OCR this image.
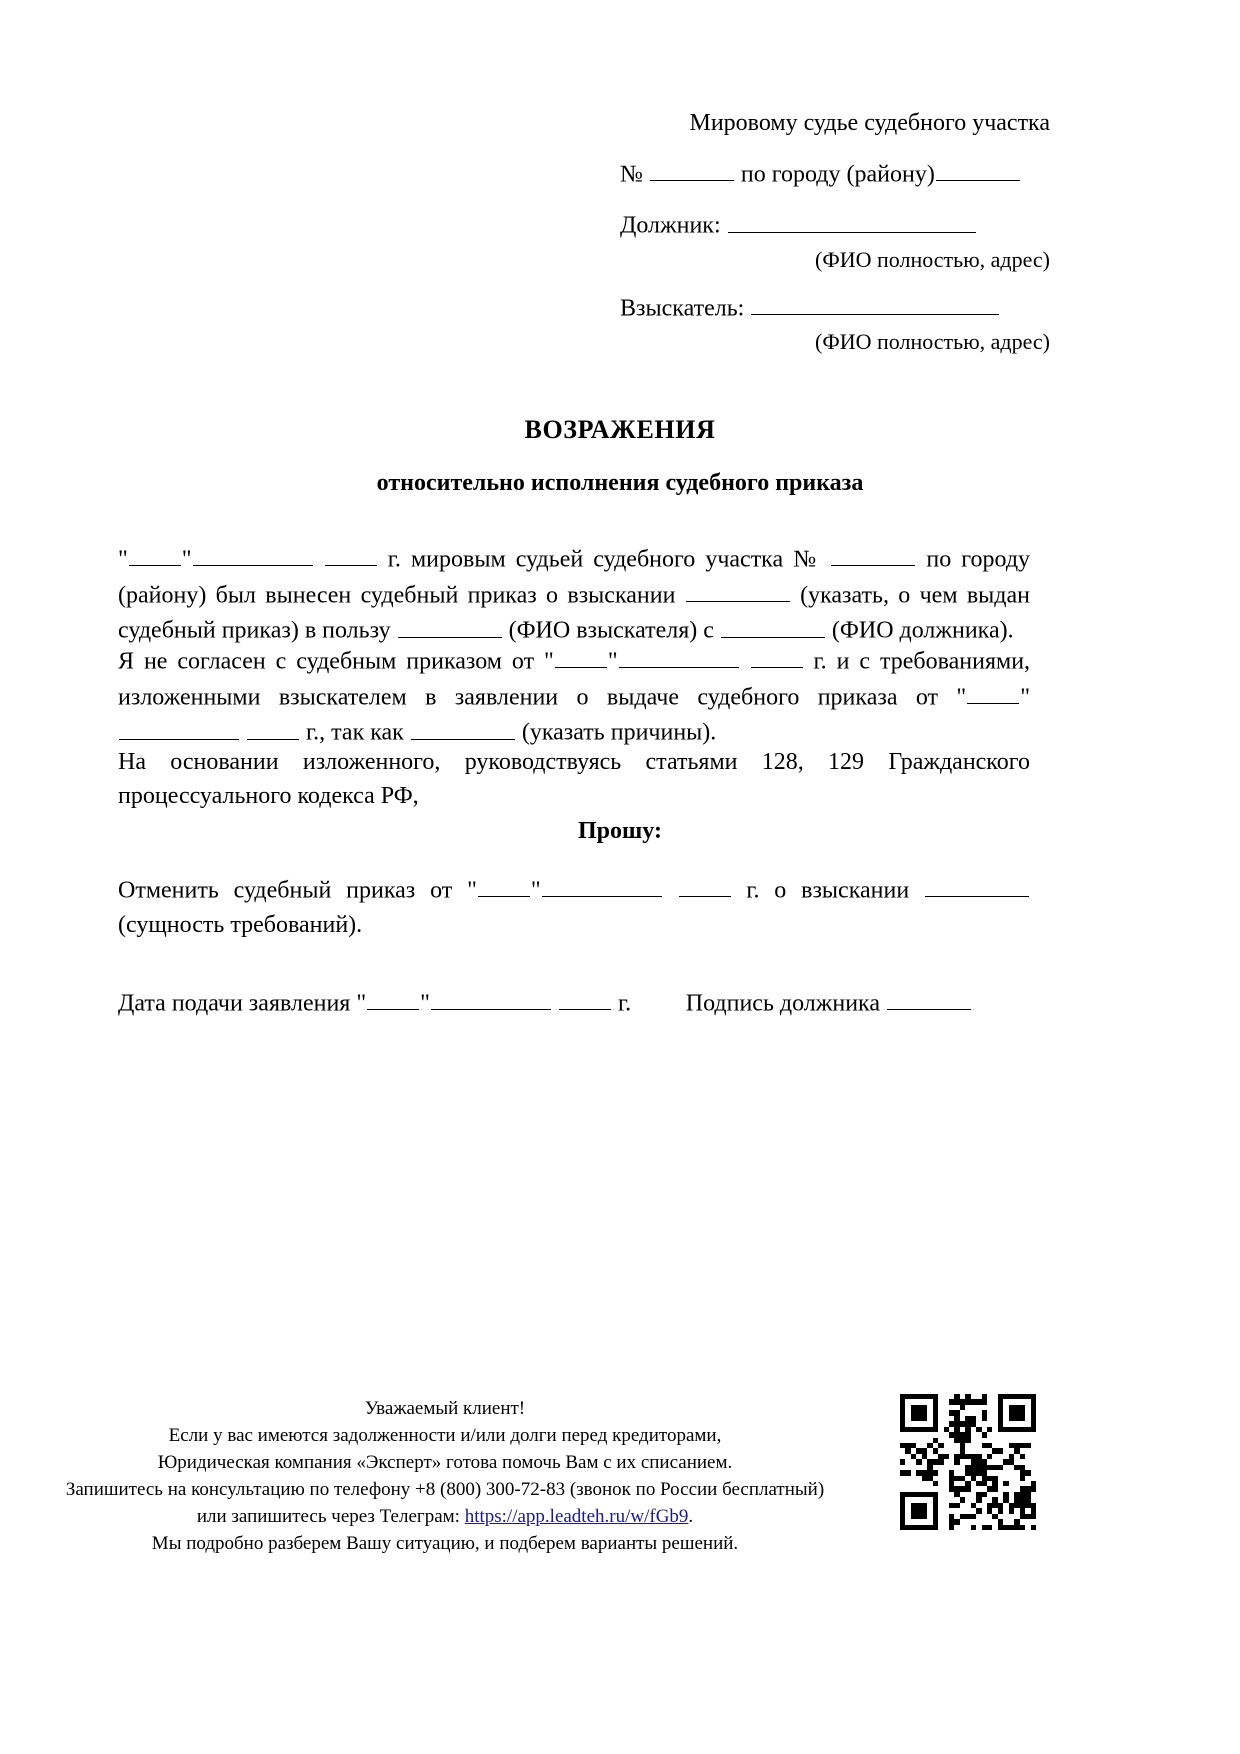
Мировому судье судебного участка
№	по городу (району)
Должник:
(ФИО полностью, адрес)
Взыскатель:
(ФИО полностью, адрес)
ВОЗРАЖЕНИЯ
относительно исполнения судебного приказа
" "	г. мировым судьей судебного участка №	по городу (району) был вынесен судебный приказ о взыскании	(указать, о чем выдан судебный приказ) в пользу	(ФИО взыскателя) с	(ФИО должника).
Я не согласен с судебным приказом от " "	г. и с требованиями, изложенными взыскателем в заявлении о выдаче судебного приказа от " "  г., так как	(указать причины).
На основании изложенного, руководствуясь статьями 128, 129 Гражданского процессуального кодекса РФ,
Прошу:
Отменить судебный приказ от " "	г. о взыскании  (сущность требований).
Дата подачи заявления " "	г. Подпись должника
Уважаемый клиент!
Если у вас имеются задолженности и/или долги перед кредиторами,
Юридическая компания «Эксперт» готова помочь Вам с их списанием.
Запишитесь на консультацию по телефону +8 (800) 300-72-83 (звонок по России бесплатный)
или запишитесь через Телеграм: https://app.leadteh.ru/w/fGb9.
Мы подробно разберем Вашу ситуацию, и подберем варианты решений.
